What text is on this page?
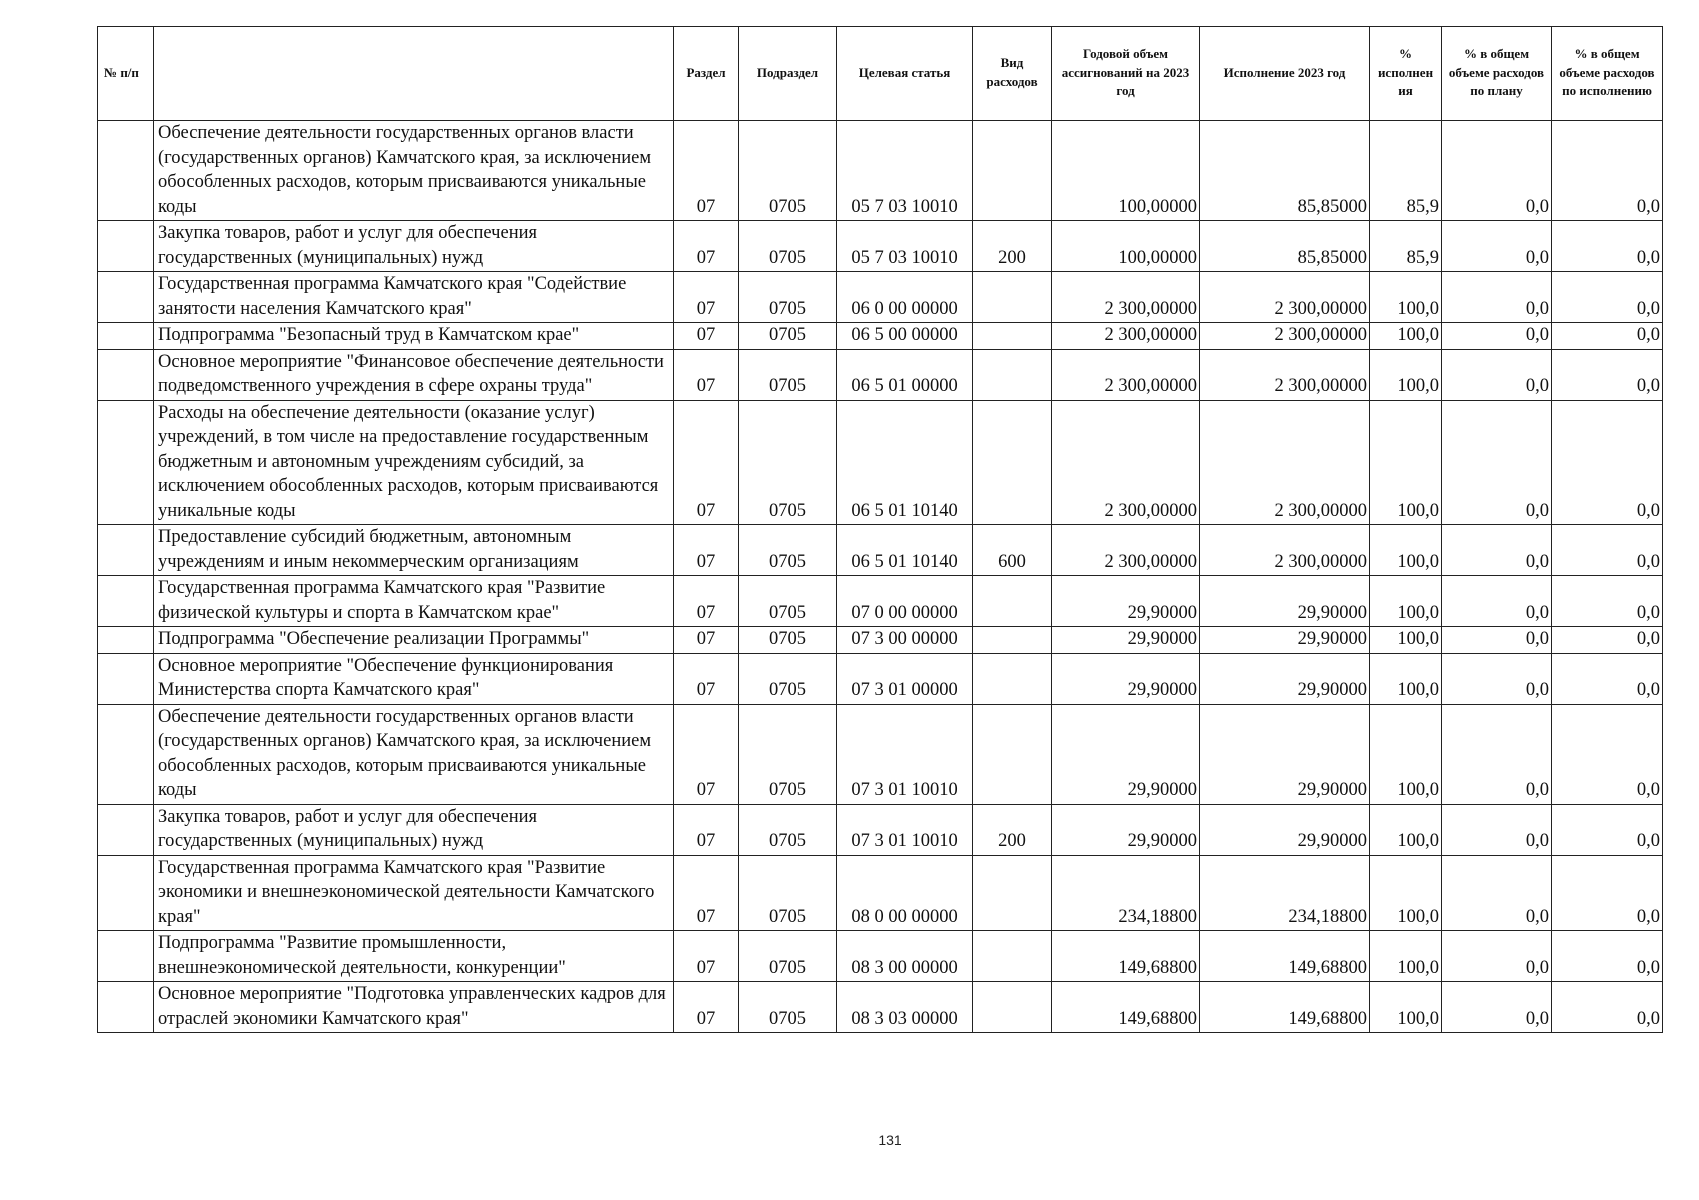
№ п/п		Раздел	Подраздел	Целевая статья	Вид расходов	Годовой объем ассигнований на 2023 год	Исполнение 2023 год	% исполнен ия	% в общем объеме расходов по плану	% в общем объеме расходов по исполнению
	Обеспечение деятельности государственных органов власти (государственных органов) Камчатского края, за исключением обособленных расходов, которым присваиваются уникальные коды	07	0705	05 7 03 10010		100,00000	85,85000	85,9	0,0	0,0
	Закупка товаров, работ и услуг для обеспечения государственных (муниципальных) нужд	07	0705	05 7 03 10010	200	100,00000	85,85000	85,9	0,0	0,0
	Государственная программа Камчатского края "Содействие занятости населения Камчатского края"	07	0705	06 0 00 00000		2 300,00000	2 300,00000	100,0	0,0	0,0
	Подпрограмма "Безопасный труд в Камчатском крае"	07	0705	06 5 00 00000		2 300,00000	2 300,00000	100,0	0,0	0,0
	Основное мероприятие "Финансовое обеспечение деятельности подведомственного учреждения в сфере охраны труда"	07	0705	06 5 01 00000		2 300,00000	2 300,00000	100,0	0,0	0,0
	Расходы на обеспечение деятельности (оказание услуг) учреждений, в том числе на предоставление государственным бюджетным и автономным учреждениям субсидий, за исключением обособленных расходов, которым присваиваются уникальные коды	07	0705	06 5 01 10140		2 300,00000	2 300,00000	100,0	0,0	0,0
	Предоставление субсидий бюджетным, автономным учреждениям и иным некоммерческим организациям	07	0705	06 5 01 10140	600	2 300,00000	2 300,00000	100,0	0,0	0,0
	Государственная программа Камчатского края "Развитие физической культуры и спорта в Камчатском крае"	07	0705	07 0 00 00000		29,90000	29,90000	100,0	0,0	0,0
	Подпрограмма "Обеспечение реализации Программы"	07	0705	07 3 00 00000		29,90000	29,90000	100,0	0,0	0,0
	Основное мероприятие "Обеспечение функционирования Министерства спорта Камчатского края"	07	0705	07 3 01 00000		29,90000	29,90000	100,0	0,0	0,0
	Обеспечение деятельности государственных органов власти (государственных органов) Камчатского края, за исключением обособленных расходов, которым присваиваются уникальные коды	07	0705	07 3 01 10010		29,90000	29,90000	100,0	0,0	0,0
	Закупка товаров, работ и услуг для обеспечения государственных (муниципальных) нужд	07	0705	07 3 01 10010	200	29,90000	29,90000	100,0	0,0	0,0
	Государственная программа Камчатского края "Развитие экономики и внешнеэкономической деятельности Камчатского края"	07	0705	08 0 00 00000		234,18800	234,18800	100,0	0,0	0,0
	Подпрограмма "Развитие промышленности, внешнеэкономической деятельности, конкуренции"	07	0705	08 3 00 00000		149,68800	149,68800	100,0	0,0	0,0
	Основное мероприятие "Подготовка управленческих кадров для отраслей экономики Камчатского края"	07	0705	08 3 03 00000		149,68800	149,68800	100,0	0,0	0,0
131
